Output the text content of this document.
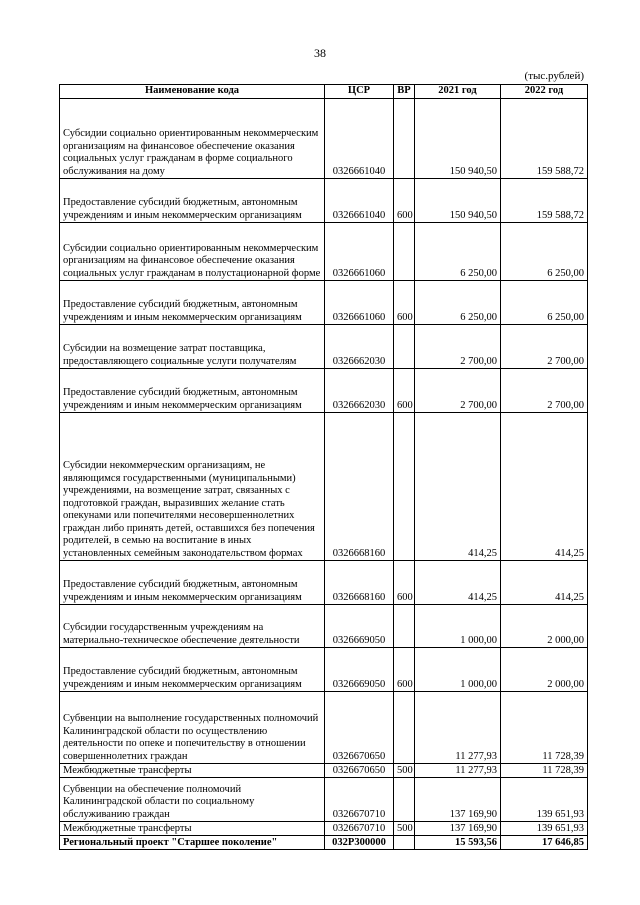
38
(тыс.рублей)
Наименование кода	ЦСР	ВР	2021 год	2022 год
Субсидии социально ориентированным некоммерческим организациям на финансовое обеспечение оказания социальных услуг гражданам в форме социального обслуживания на дому	0326661040		150 940,50	159 588,72
Предоставление субсидий бюджетным, автономным учреждениям и иным некоммерческим организациям	0326661040	600	150 940,50	159 588,72
Субсидии социально ориентированным некоммерческим организациям на финансовое обеспечение оказания социальных услуг гражданам в полустационарной форме	0326661060		6 250,00	6 250,00
Предоставление субсидий бюджетным, автономным учреждениям и иным некоммерческим организациям	0326661060	600	6 250,00	6 250,00
Субсидии на возмещение затрат поставщика, предоставляющего социальные услуги получателям	0326662030		2 700,00	2 700,00
Предоставление субсидий бюджетным, автономным учреждениям и иным некоммерческим организациям	0326662030	600	2 700,00	2 700,00
Субсидии некоммерческим организациям, не являющимся государственными (муниципальными) учреждениями, на возмещение затрат, связанных с подготовкой граждан, выразивших желание стать опекунами или попечителями несовершеннолетних граждан либо принять детей, оставшихся без попечения родителей, в семью на воспитание в иных установленных семейным законодательством формах	0326668160		414,25	414,25
Предоставление субсидий бюджетным, автономным учреждениям и иным некоммерческим организациям	0326668160	600	414,25	414,25
Субсидии государственным учреждениям на материально-техническое обеспечение деятельности	0326669050		1 000,00	2 000,00
Предоставление субсидий бюджетным, автономным учреждениям и иным некоммерческим организациям	0326669050	600	1 000,00	2 000,00
Субвенции на выполнение государственных полномочий Калининградской области по осуществлению деятельности по опеке и попечительству в отношении совершеннолетних граждан	0326670650		11 277,93	11 728,39
Межбюджетные трансферты	0326670650	500	11 277,93	11 728,39
Субвенции на обеспечение полномочий Калининградской области по социальному обслуживанию граждан	0326670710		137 169,90	139 651,93
Межбюджетные трансферты	0326670710	500	137 169,90	139 651,93
Региональный проект "Старшее поколение"	032P300000		15 593,56	17 646,85
